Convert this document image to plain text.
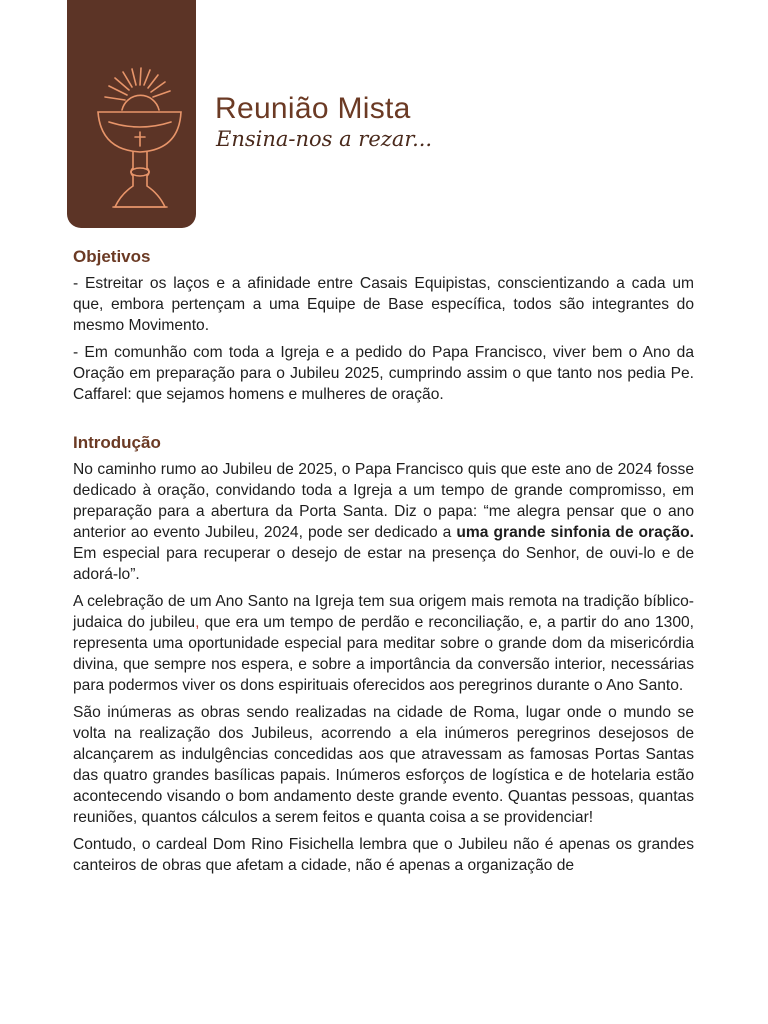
Reunião Mista
Ensina-nos a rezar...
Objetivos

- Estreitar os laços e a afinidade entre Casais Equipistas, conscientizando a cada um que, embora pertençam a uma Equipe de Base específica, todos são integrantes do mesmo Movimento.

- Em comunhão com toda a Igreja e a pedido do Papa Francisco, viver bem o Ano da Oração em preparação para o Jubileu 2025, cumprindo assim o que tanto nos pedia Pe. Caffarel: que sejamos homens e mulheres de oração.

Introdução

No caminho rumo ao Jubileu de 2025, o Papa Francisco quis que este ano de 2024 fosse dedicado à oração, convidando toda a Igreja a um tempo de grande compromisso, em preparação para a abertura da Porta Santa. Diz o papa: “me alegra pensar que o ano anterior ao evento Jubileu, 2024, pode ser dedicado a uma grande sinfonia de oração. Em especial para recuperar o desejo de estar na presença do Senhor, de ouvi-lo e de adorá-lo”.

A celebração de um Ano Santo na Igreja tem sua origem mais remota na tradição bíblico-judaica do jubileu, que era um tempo de perdão e reconciliação, e, a partir do ano 1300, representa uma oportunidade especial para meditar sobre o grande dom da misericórdia divina, que sempre nos espera, e sobre a importância da conversão interior, necessárias para podermos viver os dons espirituais oferecidos aos peregrinos durante o Ano Santo.

São inúmeras as obras sendo realizadas na cidade de Roma, lugar onde o mundo se volta na realização dos Jubileus, acorrendo a ela inúmeros peregrinos desejosos de alcançarem as indulgências concedidas aos que atravessam as famosas Portas Santas das quatro grandes basílicas papais. Inúmeros esforços de logística e de hotelaria estão acontecendo visando o bom andamento deste grande evento. Quantas pessoas, quantas reuniões, quantos cálculos a serem feitos e quanta coisa a se providenciar!

Contudo, o cardeal Dom Rino Fisichella lembra que o Jubileu não é apenas os grandes canteiros de obras que afetam a cidade, não é apenas a organização de
